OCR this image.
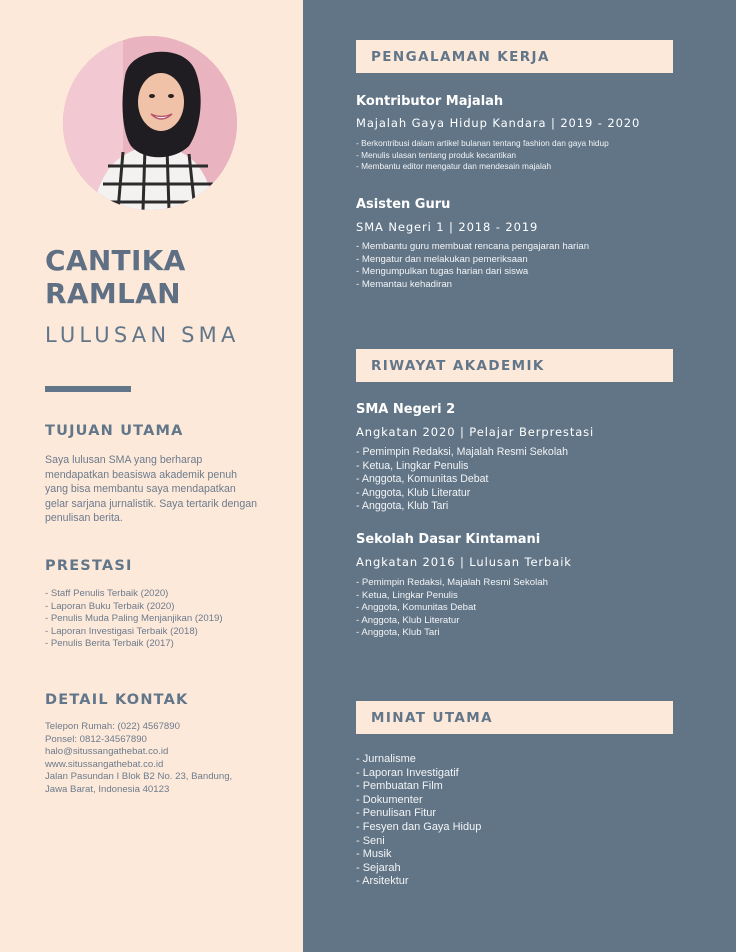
CANTIKA
RAMLAN
LULUSAN SMA
TUJUAN UTAMA

Saya lulusan SMA yang berharap mendapatkan beasiswa akademik penuh yang bisa membantu saya mendapatkan gelar sarjana jurnalistik. Saya tertarik dengan penulisan berita.

PRESTASI
- Staff Penulis Terbaik (2020)
- Laporan Buku Terbaik (2020)
- Penulis Muda Paling Menjanjikan (2019)
- Laporan Investigasi Terbaik (2018)
- Penulis Berita Terbaik (2017)
DETAIL KONTAK
Telepon Rumah: (022) 4567890
Ponsel: 0812-34567890
halo@situssangathebat.co.id
www.situssangathebat.co.id
Jalan Pasundan I Blok B2 No. 23, Bandung,
Jawa Barat, Indonesia 40123
PENGALAMAN KERJA
Kontributor Majalah
Majalah Gaya Hidup Kandara | 2019 - 2020
- Berkontribusi dalam artikel bulanan tentang fashion dan gaya hidup
- Menulis ulasan tentang produk kecantikan
- Membantu editor mengatur dan mendesain majalah
Asisten Guru
SMA Negeri 1 | 2018 - 2019
- Membantu guru membuat rencana pengajaran harian
- Mengatur dan melakukan pemeriksaan
- Mengumpulkan tugas harian dari siswa
- Memantau kehadiran
RIWAYAT AKADEMIK
SMA Negeri 2
Angkatan 2020 | Pelajar Berprestasi
- Pemimpin Redaksi, Majalah Resmi Sekolah
- Ketua, Lingkar Penulis
- Anggota, Komunitas Debat
- Anggota, Klub Literatur
- Anggota, Klub Tari
Sekolah Dasar Kintamani
Angkatan 2016 | Lulusan Terbaik
- Pemimpin Redaksi, Majalah Resmi Sekolah
- Ketua, Lingkar Penulis
- Anggota, Komunitas Debat
- Anggota, Klub Literatur
- Anggota, Klub Tari
MINAT UTAMA
- Jurnalisme
- Laporan Investigatif
- Pembuatan Film
- Dokumenter
- Penulisan Fitur
- Fesyen dan Gaya Hidup
- Seni
- Musik
- Sejarah
- Arsitektur
